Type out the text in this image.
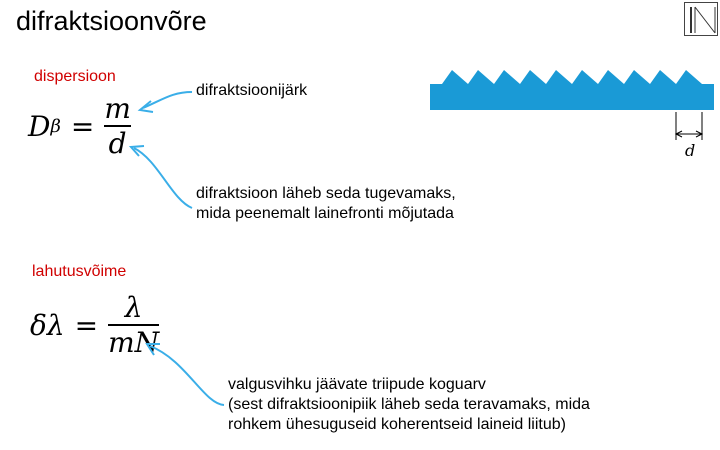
difraktsioonvõre
dispersioon
D $\beta = \frac{m}{d}$
difraktsioonijärk
difraktsioon läheb seda tugevamaks,
mida peenemalt lainefronti mõjutada
lahutusvõime
$\delta\lambda = \frac{\lambda}{mN}$
valgusvihku jäävate triipude koguarv
(sest difraktsioonipiik läheb seda teravamaks, mida
rohkem ühesuguseid koherentseid laineid liitub)
d
